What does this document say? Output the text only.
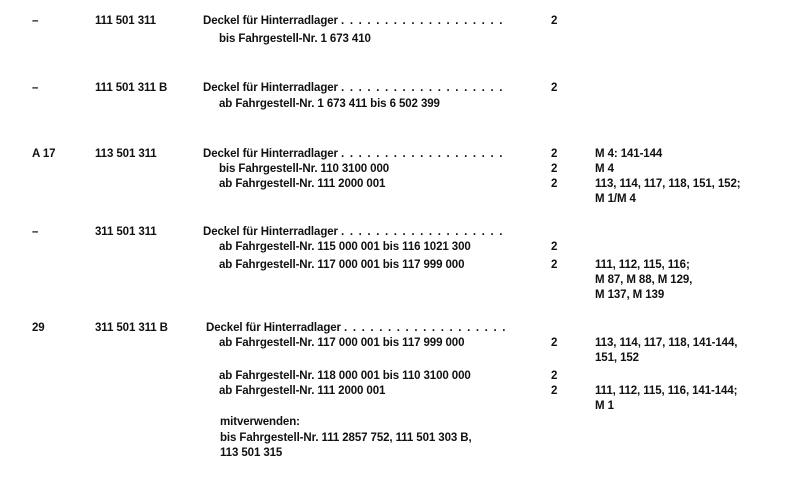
–	111 501 311	Deckel für Hinterradlager . . . . . . . . . . . . . . . . . . .	2
bis Fahrgestell-Nr. 1 673 410
–	111 501 311 B	Deckel für Hinterradlager . . . . . . . . . . . . . . . . . . .	2
ab Fahrgestell-Nr. 1 673 411 bis 6 502 399
A 17	113 501 311	Deckel für Hinterradlager . . . . . . . . . . . . . . . . . . .	2	M 4: 141-144
bis Fahrgestell-Nr. 110 3100 000	2	M 4
ab Fahrgestell-Nr. 111 2000 001	2	113, 114, 117, 118, 151, 152;
M 1/M 4
–	311 501 311	Deckel für Hinterradlager . . . . . . . . . . . . . . . . . . .
ab Fahrgestell-Nr. 115 000 001 bis 116 1021 300	2
ab Fahrgestell-Nr. 117 000 001 bis 117 999 000	2	111, 112, 115, 116;
M 87, M 88, M 129,
M 137, M 139
29	311 501 311 B	Deckel für Hinterradlager . . . . . . . . . . . . . . . . . . .
ab Fahrgestell-Nr. 117 000 001 bis 117 999 000	2	113, 114, 117, 118, 141-144,
151, 152
ab Fahrgestell-Nr. 118 000 001 bis 110 3100 000	2
ab Fahrgestell-Nr. 111 2000 001	2	111, 112, 115, 116, 141-144;
M 1
mitverwenden:
bis Fahrgestell-Nr. 111 2857 752, 111 501 303 B,
113 501 315
